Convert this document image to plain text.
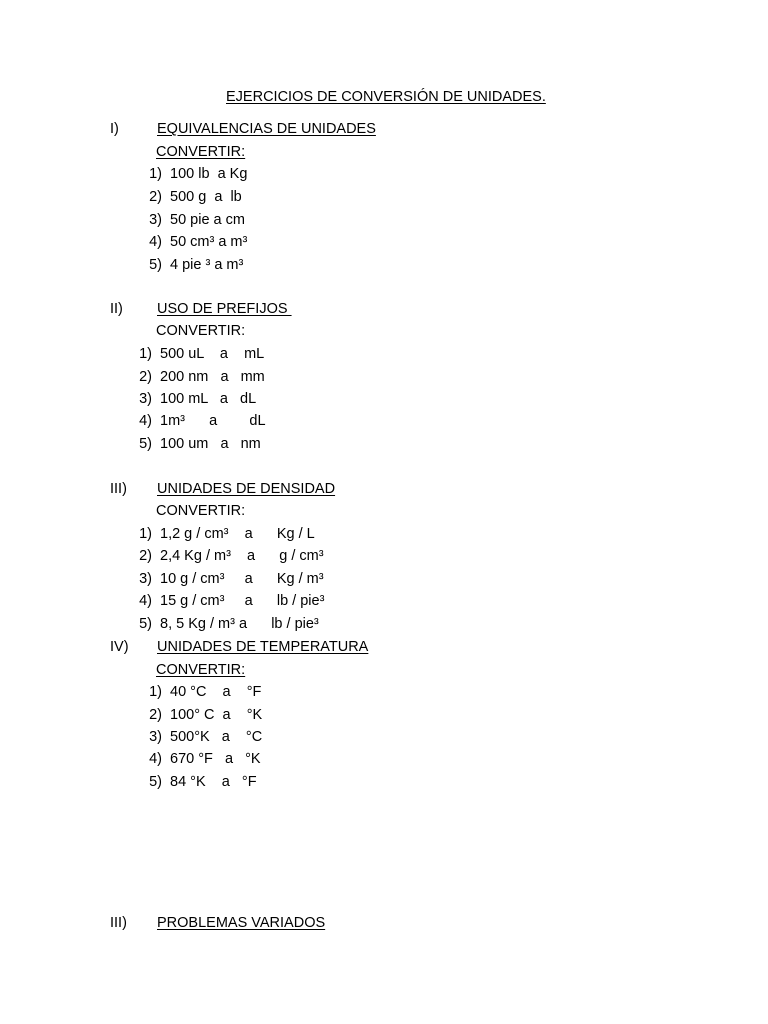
EJERCICIOS DE CONVERSIÓN DE UNIDADES.
I)	EQUIVALENCIAS DE UNIDADES
CONVERTIR:
1) 100 lb  a Kg
2) 500 g  a  lb
3) 50 pie a cm
4) 50 cm³ a m³
5) 4 pie ³ a m³
II) USO DE PREFIJOS
CONVERTIR:
1) 500 uL    a    mL
2) 200 nm   a   mm
3) 100 mL   a   dL
4) 1m³      a        dL
5) 100 um   a   nm
III) UNIDADES DE DENSIDAD
CONVERTIR:
1) 1,2 g / cm³    a      Kg / L
2) 2,4 Kg / m³    a      g / cm³
3) 10 g / cm³     a      Kg / m³
4) 15 g / cm³     a      lb / pie³
5) 8, 5 Kg / m³ a      lb / pie³
IV) UNIDADES DE TEMPERATURA
CONVERTIR:
1) 40 °C    a    °F
2) 100° C  a    °K
3) 500°K   a    °C
4) 670 °F   a   °K
5) 84 °K    a   °F
III) PROBLEMAS VARIADOS
